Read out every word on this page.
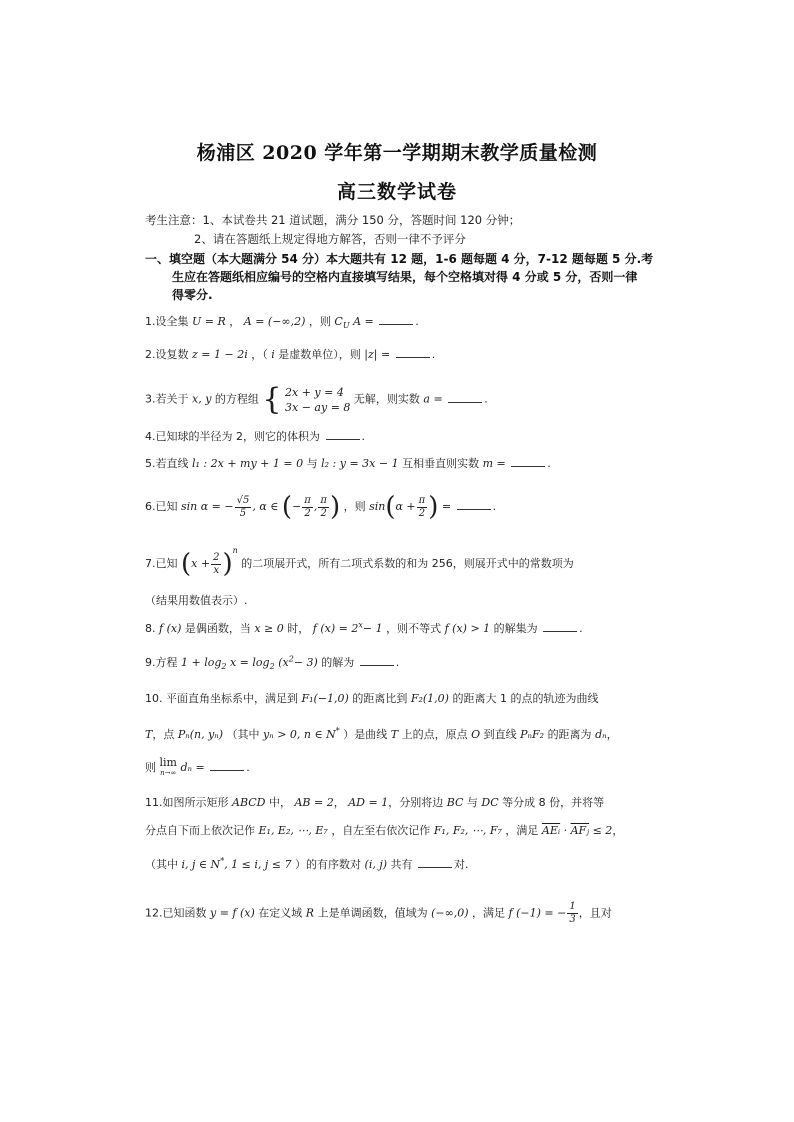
杨浦区 2020 学年第一学期期末教学质量检测
高三数学试卷
考生注意：1、本试卷共 21 道试题，满分 150 分，答题时间 120 分钟；
2、请在答题纸上规定得地方解答，否则一律不予评分
一、填空题（本大题满分 54 分）本大题共有 12 题，1-6 题每题 4 分，7-12 题每题 5 分.考
生应在答题纸相应编号的空格内直接填写结果，每个空格填对得 4 分或 5 分，否则一律
得零分.
1.设全集 U = R ， A = (−∞,2) ，则 $C_U$ A =	.
2.设复数 z = 1 − 2i ，（ i 是虚数单位），则 |z| =	.
3.若关于 x, y 的方程组 { 2x + y = 4
3x − ay = 8
无解，则实数 a =	.
4.已知球的半径为 2，则它的体积为	.
5.若直线 l₁ : 2x + my + 1 = 0 与 l₂ : y = 3x − 1 互相垂直则实数 m =	.
6.已知 sin α = − $\frac{√5}{5}$ , α ∈ (− $\frac{\pi}{2}$ , $\frac{\pi}{2}$ ) ，则 $\sin(\alpha + \frac{\pi}{2}$ ) =	.
7.已知 $(x + \frac{2}{x} )^n$ 的二项展开式，所有二项式系数的和为 256，则展开式中的常数项为
（结果用数值表示）.
8. f (x) 是偶函数，当 x ≥ 0 时， f $(x) = 2^x- 1$ ，则不等式 f (x) > 1 的解集为	.
9.方程 $1 + \log_2 x = \log_2 (x^2- 3)$ 的解为	.
10. 平面直角坐标系中，满足到 F₁(−1,0) 的距离比到 F₂(1,0) 的距离大 1 的点的轨迹为曲线
T，点 Pₙ(n, yₙ) （其中 yₙ > 0, n ∈ N* ）是曲线 T 上的点，原点 O 到直线 PₙF₂ 的距离为 dₙ，
则 lim
n→∞ dₙ =	.
11.如图所示矩形 ABCD 中， AB = 2， AD = 1，分别将边 BC 与 DC 等分成 8 份，并将等
分点自下而上依次记作 E₁, E₂, ⋯, E₇ ，自左至右依次记作 F₁, F₂, ⋯, F₇ ，满足 $\overline{AEᵢ} \cdot \overline{AFⱼ} \le 2$，
（其中 i, j ∈ N*, 1 ≤ i, j ≤ 7 ）的有序数对 (i, j) 共有	对.
12.已知函数 y = f (x) 在定义域 R 上是单调函数，值域为 (−∞,0) ，满足 f (−1) = − $\frac{1}{3}$ ，且对
